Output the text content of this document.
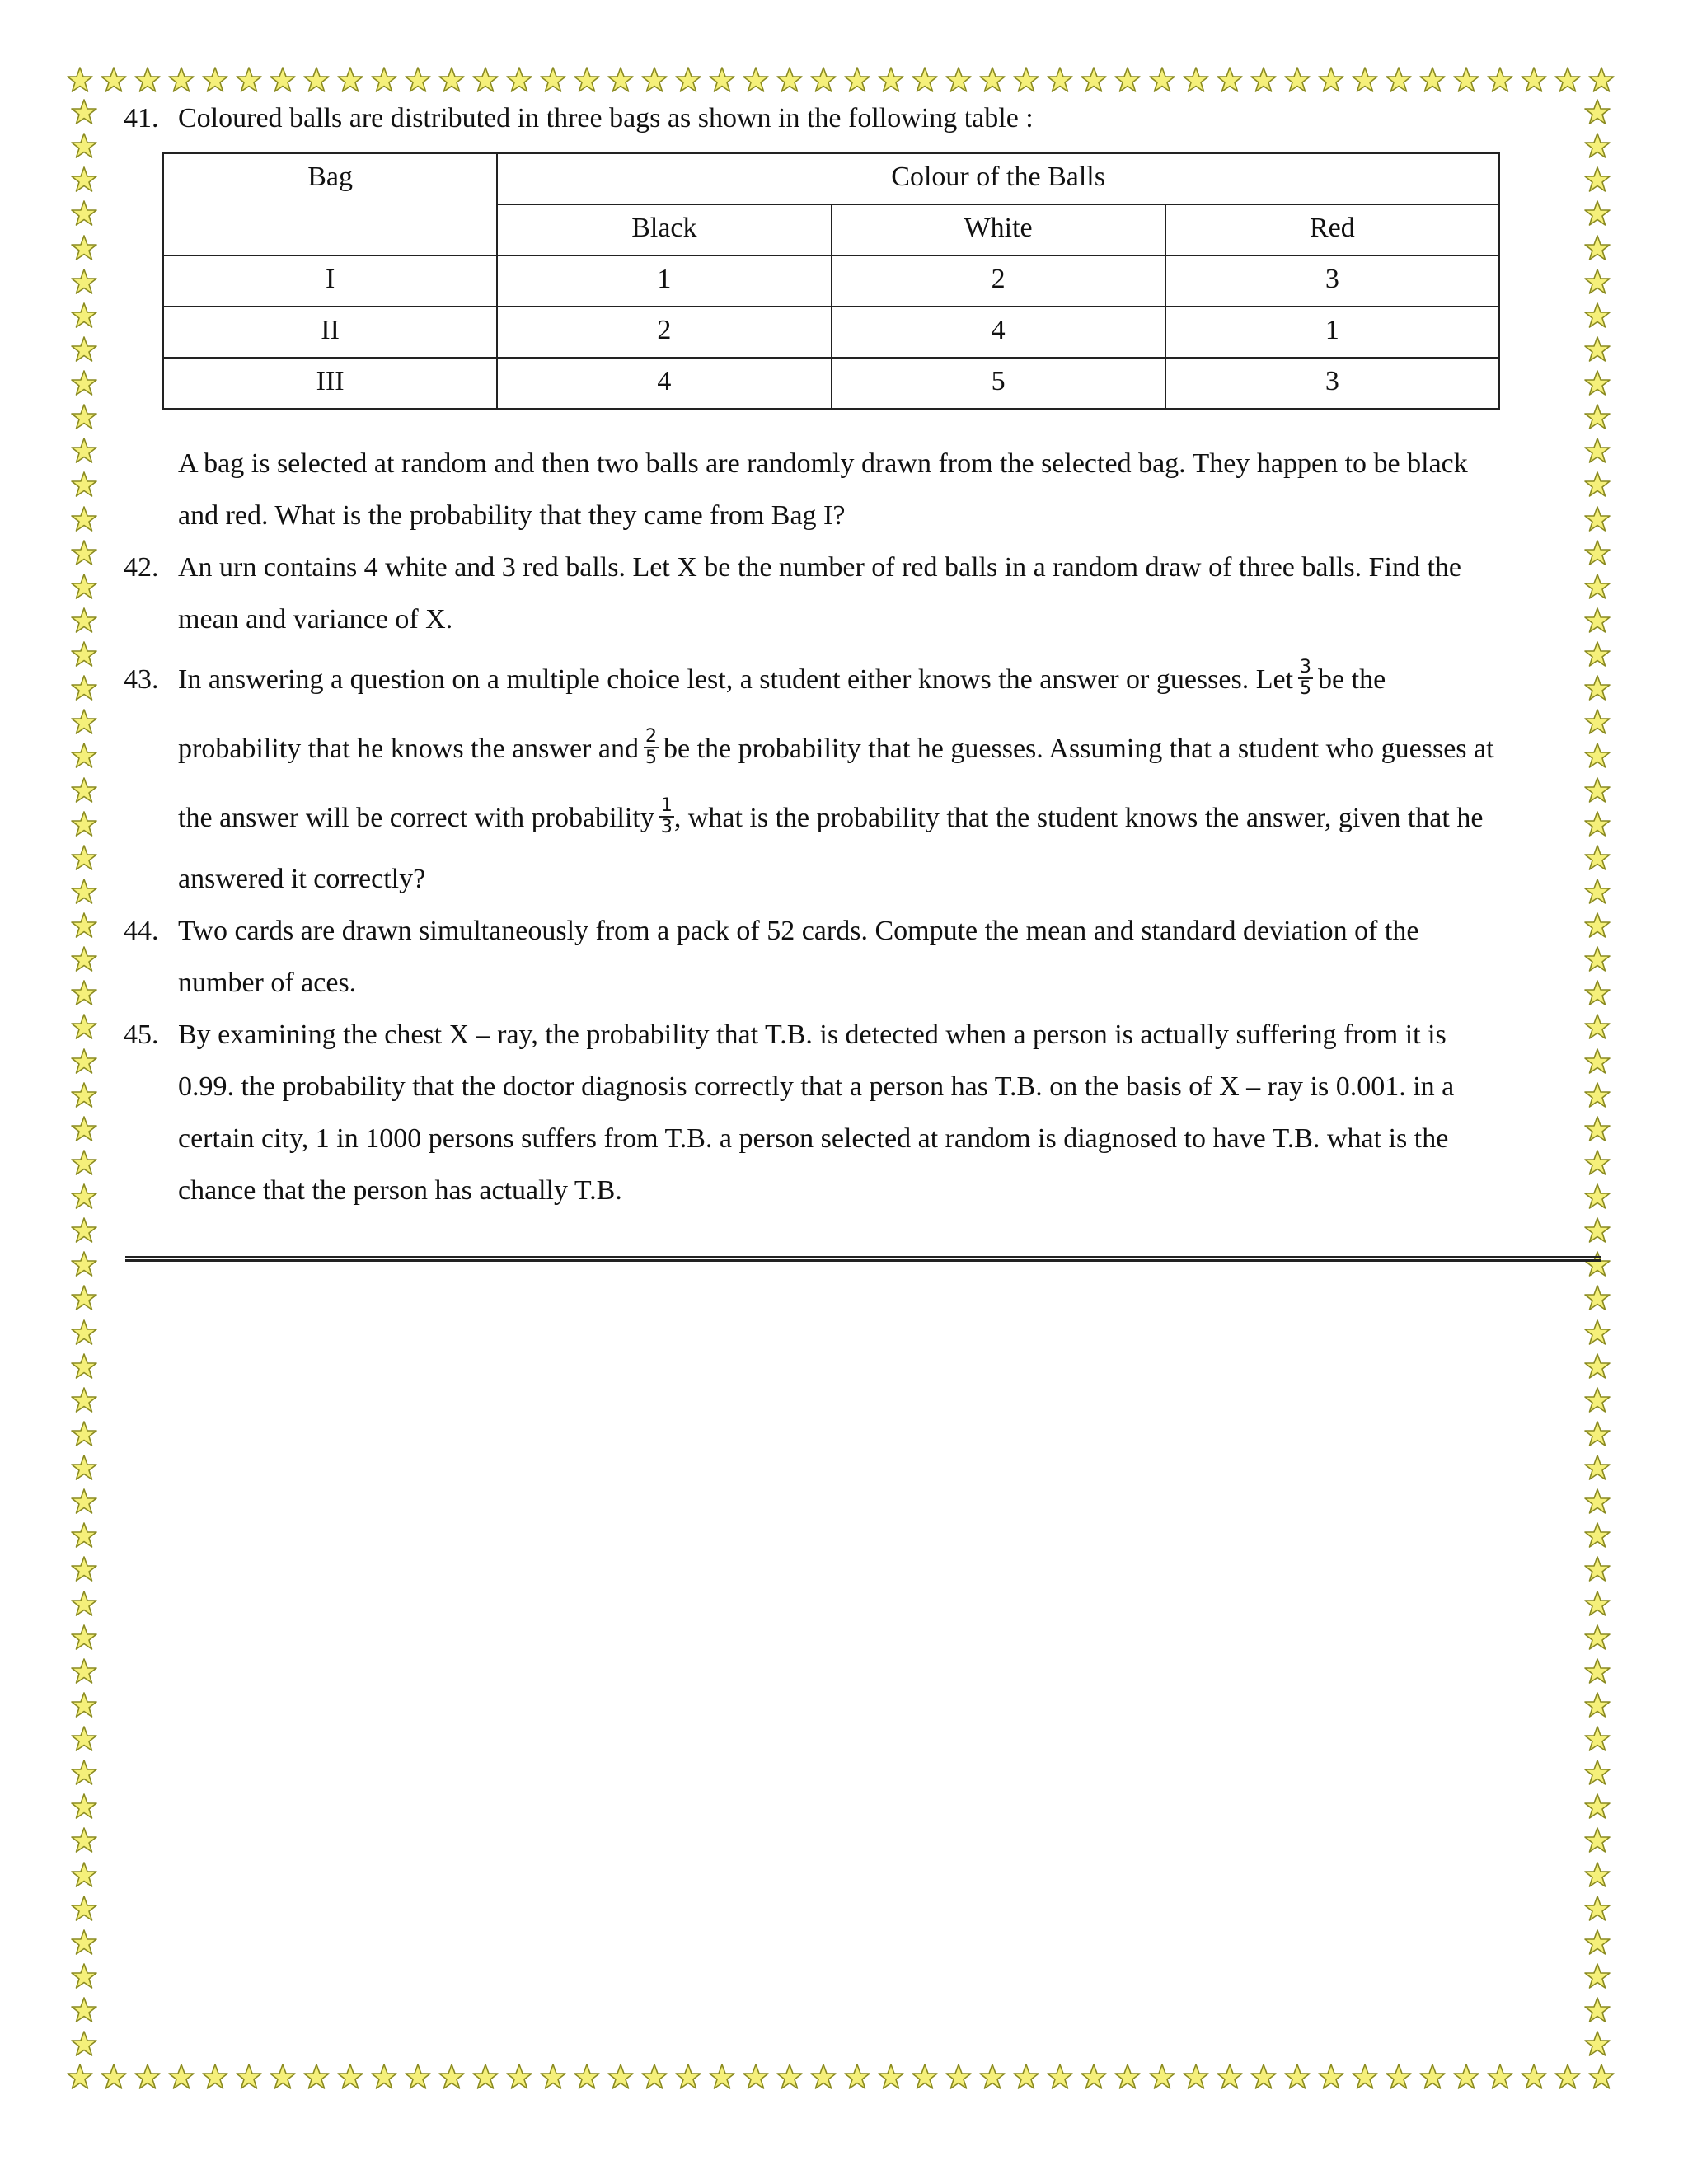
41. Coloured balls are distributed in three bags as shown in the following table :
Bag	Colour of the Balls		
	Black	White	Red
I	1	2	3
II	2	4	1
III	4	5	3
A bag is selected at random and then two balls are randomly drawn from the selected bag. They happen to be black
and red. What is the probability that they came from Bag I?
42. An urn contains 4 white and 3 red balls. Let X be the number of red balls in a random draw of three balls. Find the
mean and variance of X.
43. In answering a question on a multiple choice lest, a student either knows the answer or guesses. Let $\frac{3}{5}$ be the
probability that he knows the answer and $\frac{2}{5}$ be the probability that he guesses. Assuming that a student who guesses at
the answer will be correct with probability $\frac{1}{3}$ , what is the probability that the student knows the answer, given that he
answered it correctly?
44. Two cards are drawn simultaneously from a pack of 52 cards. Compute the mean and standard deviation of the
number of aces.
45. By examining the chest X – ray, the probability that T.B. is detected when a person is actually suffering from it is
0.99. the probability that the doctor diagnosis correctly that a person has T.B. on the basis of X – ray is 0.001. in a
certain city, 1 in 1000 persons suffers from T.B. a person selected at random is diagnosed to have T.B. what is the
chance that the person has actually T.B.
